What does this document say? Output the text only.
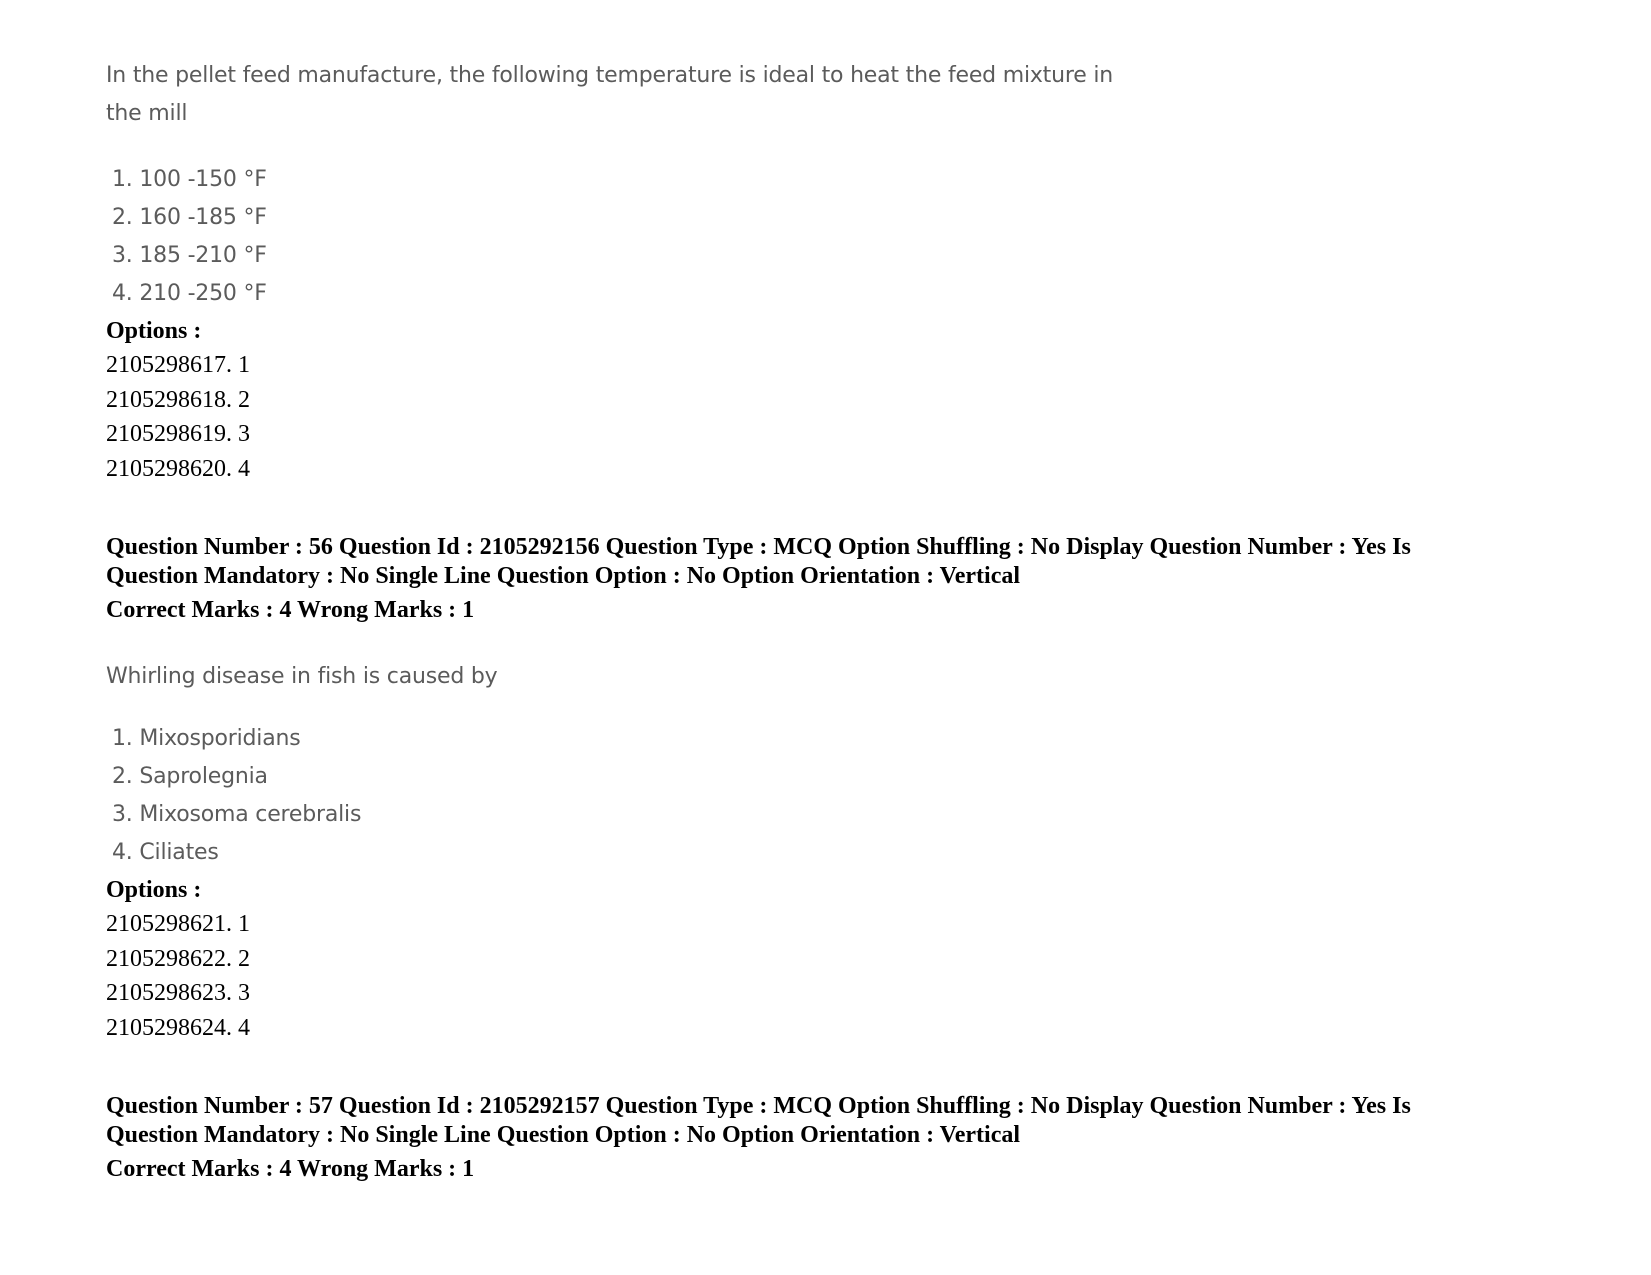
In the pellet feed manufacture, the following temperature is ideal to heat the feed mixture in

the mill

1. 100 -150 °F

2. 160 -185 °F

3. 185 -210 °F

4. 210 -250 °F

Options :

2105298617. 1

2105298618. 2

2105298619. 3

2105298620. 4

Question Number : 56 Question Id : 2105292156 Question Type : MCQ Option Shuffling : No Display Question Number : Yes Is

Question Mandatory : No Single Line Question Option : No Option Orientation : Vertical

Correct Marks : 4 Wrong Marks : 1

Whirling disease in fish is caused by

1. Mixosporidians

2. Saprolegnia

3. Mixosoma cerebralis

4. Ciliates

Options :

2105298621. 1

2105298622. 2

2105298623. 3

2105298624. 4

Question Number : 57 Question Id : 2105292157 Question Type : MCQ Option Shuffling : No Display Question Number : Yes Is

Question Mandatory : No Single Line Question Option : No Option Orientation : Vertical

Correct Marks : 4 Wrong Marks : 1
